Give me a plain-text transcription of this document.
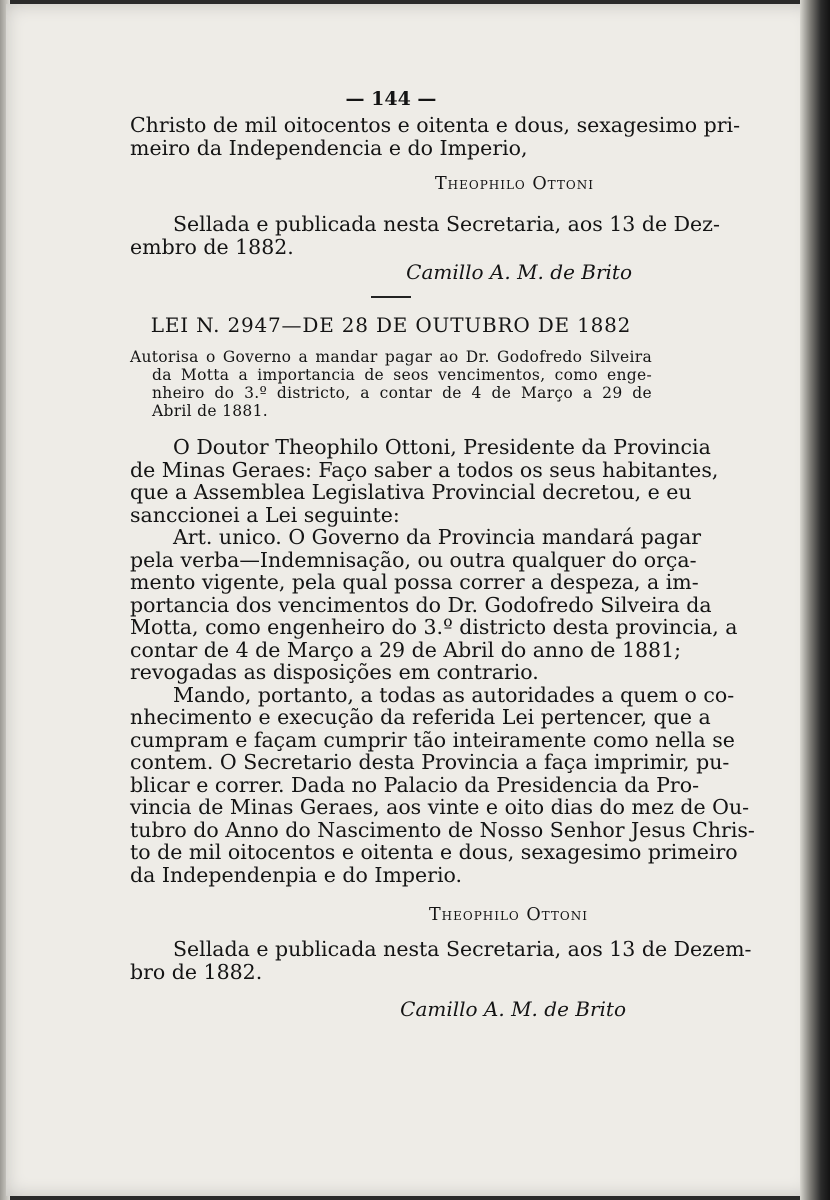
— 144 —
Christo de mil oitocentos e oitenta e dous, sexagesimo pri-
meiro da Independencia e do Imperio,
Theophilo Ottoni
Sellada e publicada nesta Secretaria, aos 13 de Dez-
embro de 1882.
Camillo A. M. de Brito
LEI N. 2947—DE 28 DE OUTUBRO DE 1882
Autorisa o Governo a mandar pagar ao Dr. Godofredo Silveira
da Motta a importancia de seos vencimentos, como enge-
nheiro do 3.º districto, a contar de 4 de Março a 29 de
Abril de 1881.
O Doutor Theophilo Ottoni, Presidente da Provincia
de Minas Geraes: Faço saber a todos os seus habitantes,
que a Assemblea Legislativa Provincial decretou, e eu
sanccionei a Lei seguinte:
Art. unico. O Governo da Provincia mandará pagar
pela verba—Indemnisação, ou outra qualquer do orça-
mento vigente, pela qual possa correr a despeza, a im-
portancia dos vencimentos do Dr. Godofredo Silveira da
Motta, como engenheiro do 3.º districto desta provincia, a
contar de 4 de Março a 29 de Abril do anno de 1881;
revogadas as disposições em contrario.
Mando, portanto, a todas as autoridades a quem o co-
nhecimento e execução da referida Lei pertencer, que a
cumpram e façam cumprir tão inteiramente como nella se
contem. O Secretario desta Provincia a faça imprimir, pu-
blicar e correr. Dada no Palacio da Presidencia da Pro-
vincia de Minas Geraes, aos vinte e oito dias do mez de Ou-
tubro do Anno do Nascimento de Nosso Senhor Jesus Chris-
to de mil oitocentos e oitenta e dous, sexagesimo primeiro
da Independenpia e do Imperio.
Theophilo Ottoni
Sellada e publicada nesta Secretaria, aos 13 de Dezem-
bro de 1882.
Camillo A. M. de Brito
